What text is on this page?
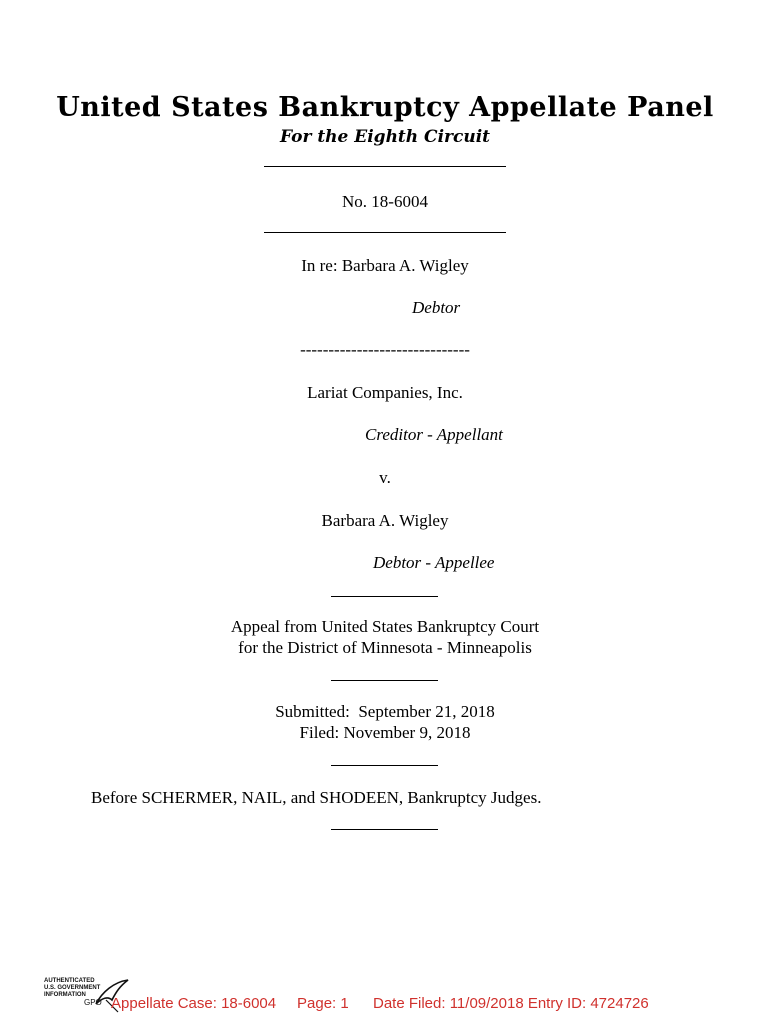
United States Bankruptcy Appellate Panel
For the Eighth Circuit
No. 18-6004
In re: Barbara A. Wigley
Debtor
------------------------------
Lariat Companies, Inc.
Creditor - Appellant
v.
Barbara A. Wigley
Debtor - Appellee
Appeal from United States Bankruptcy Court
for the District of Minnesota - Minneapolis
Submitted:  September 21, 2018
Filed: November 9, 2018
Before SCHERMER, NAIL, and SHODEEN, Bankruptcy Judges.
AUTHENTICATED
U.S. GOVERNMENT
INFORMATION
GPO Appellate Case: 18-6004 Page: 1 Date Filed: 11/09/2018 Entry ID: 4724726
